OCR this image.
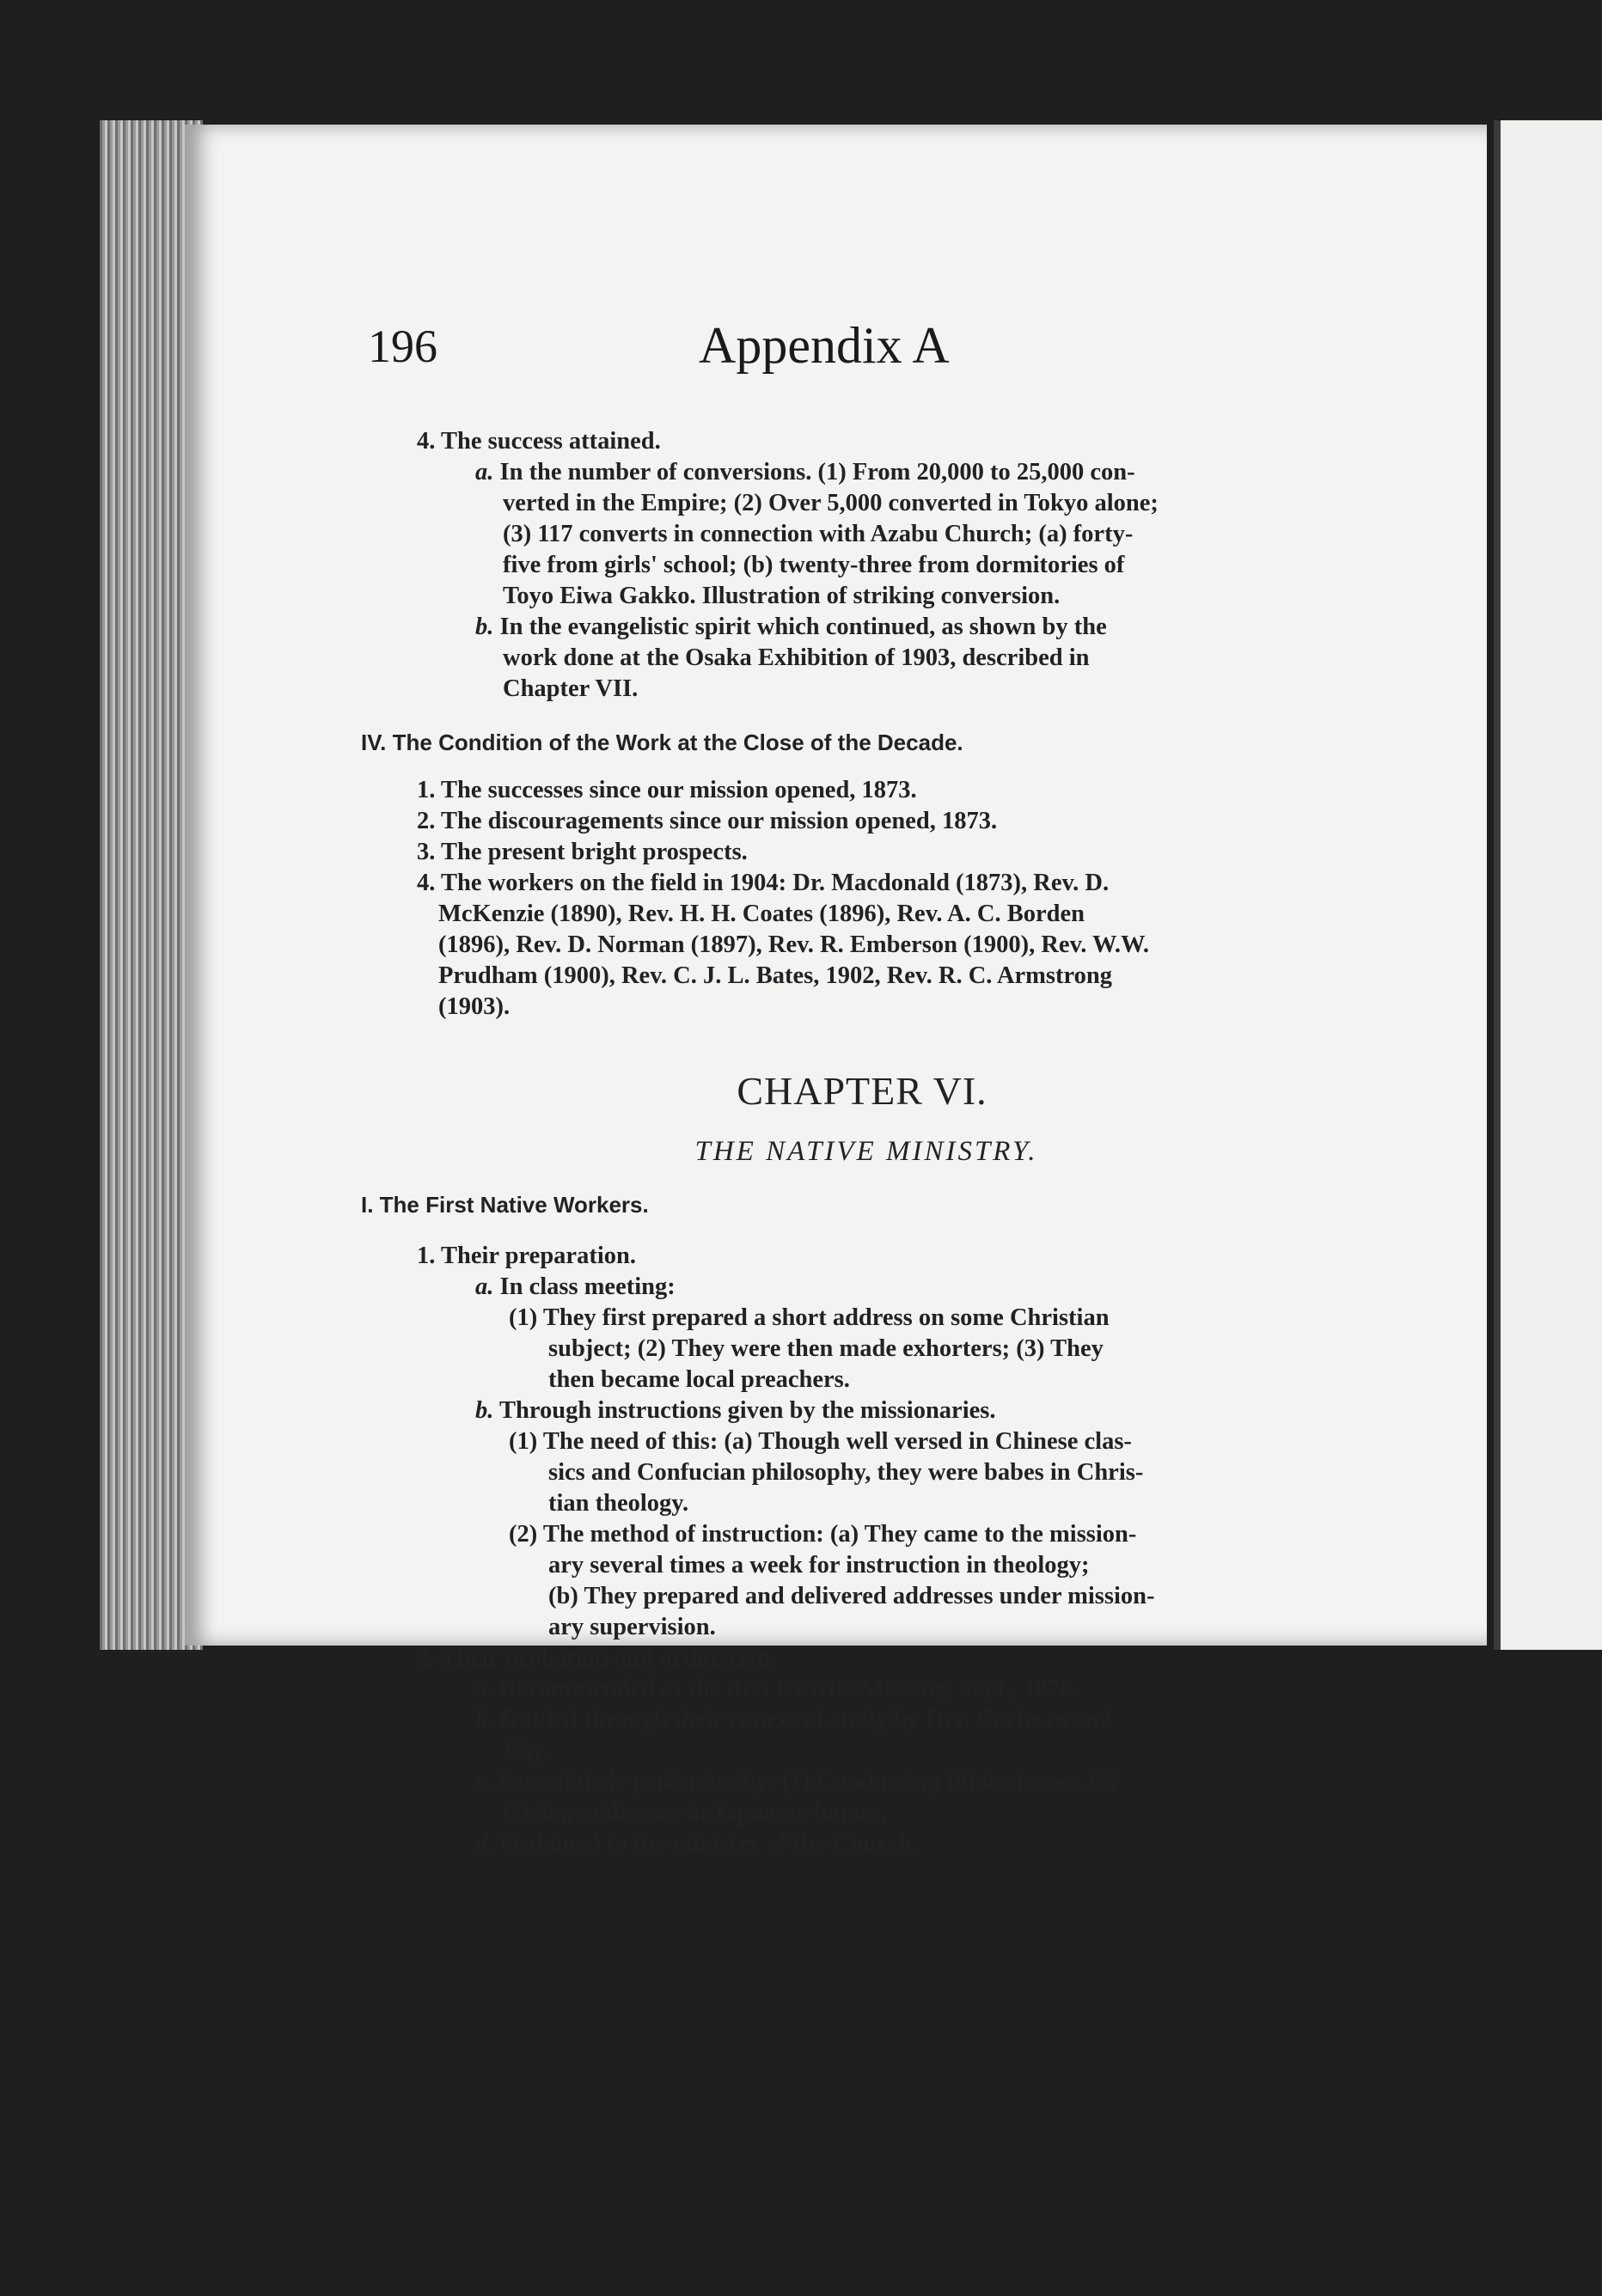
196	Appendix A
4. The success attained.
a. In the number of conversions. (1) From 20,000 to 25,000 con-
verted in the Empire; (2) Over 5,000 converted in Tokyo alone;
(3) 117 converts in connection with Azabu Church; (a) forty-
five from girls' school; (b) twenty-three from dormitories of
Toyo Eiwa Gakko. Illustration of striking conversion.
b. In the evangelistic spirit which continued, as shown by the
work done at the Osaka Exhibition of 1903, described in
Chapter VII.
IV. The Condition of the Work at the Close of the Decade.
1. The successes since our mission opened, 1873.
2. The discouragements since our mission opened, 1873.
3. The present bright prospects.
4. The workers on the field in 1904: Dr. Macdonald (1873), Rev. D.
McKenzie (1890), Rev. H. H. Coates (1896), Rev. A. C. Borden
(1896), Rev. D. Norman (1897), Rev. R. Emberson (1900), Rev. W.W.
Prudham (1900), Rev. C. J. L. Bates, 1902, Rev. R. C. Armstrong
(1903).
CHAPTER VI.
THE NATIVE MINISTRY.
I. The First Native Workers.
1. Their preparation.
a. In class meeting:
(1) They first prepared a short address on some Christian
subject; (2) They were then made exhorters; (3) They
then became local preachers.
b. Through instructions given by the missionaries.
(1) The need of this: (a) Though well versed in Chinese clas-
sics and Confucian philosophy, they were babes in Chris-
tian theology.
(2) The method of instruction: (a) They came to the mission-
ary several times a week for instruction in theology;
(b) They prepared and delivered addresses under mission-
ary supervision.
2. Their probation and ordination.
a. Recommended at the first District Meeting, Sept., 1876.
b. Guided through their course of study by Drs. Cochran and
Eby.
c. Served their probation by: (1) Conducting Bible classes; (2)
Giving addresses in Japanese homes.
d. Ordained to the ministry of the Church.
